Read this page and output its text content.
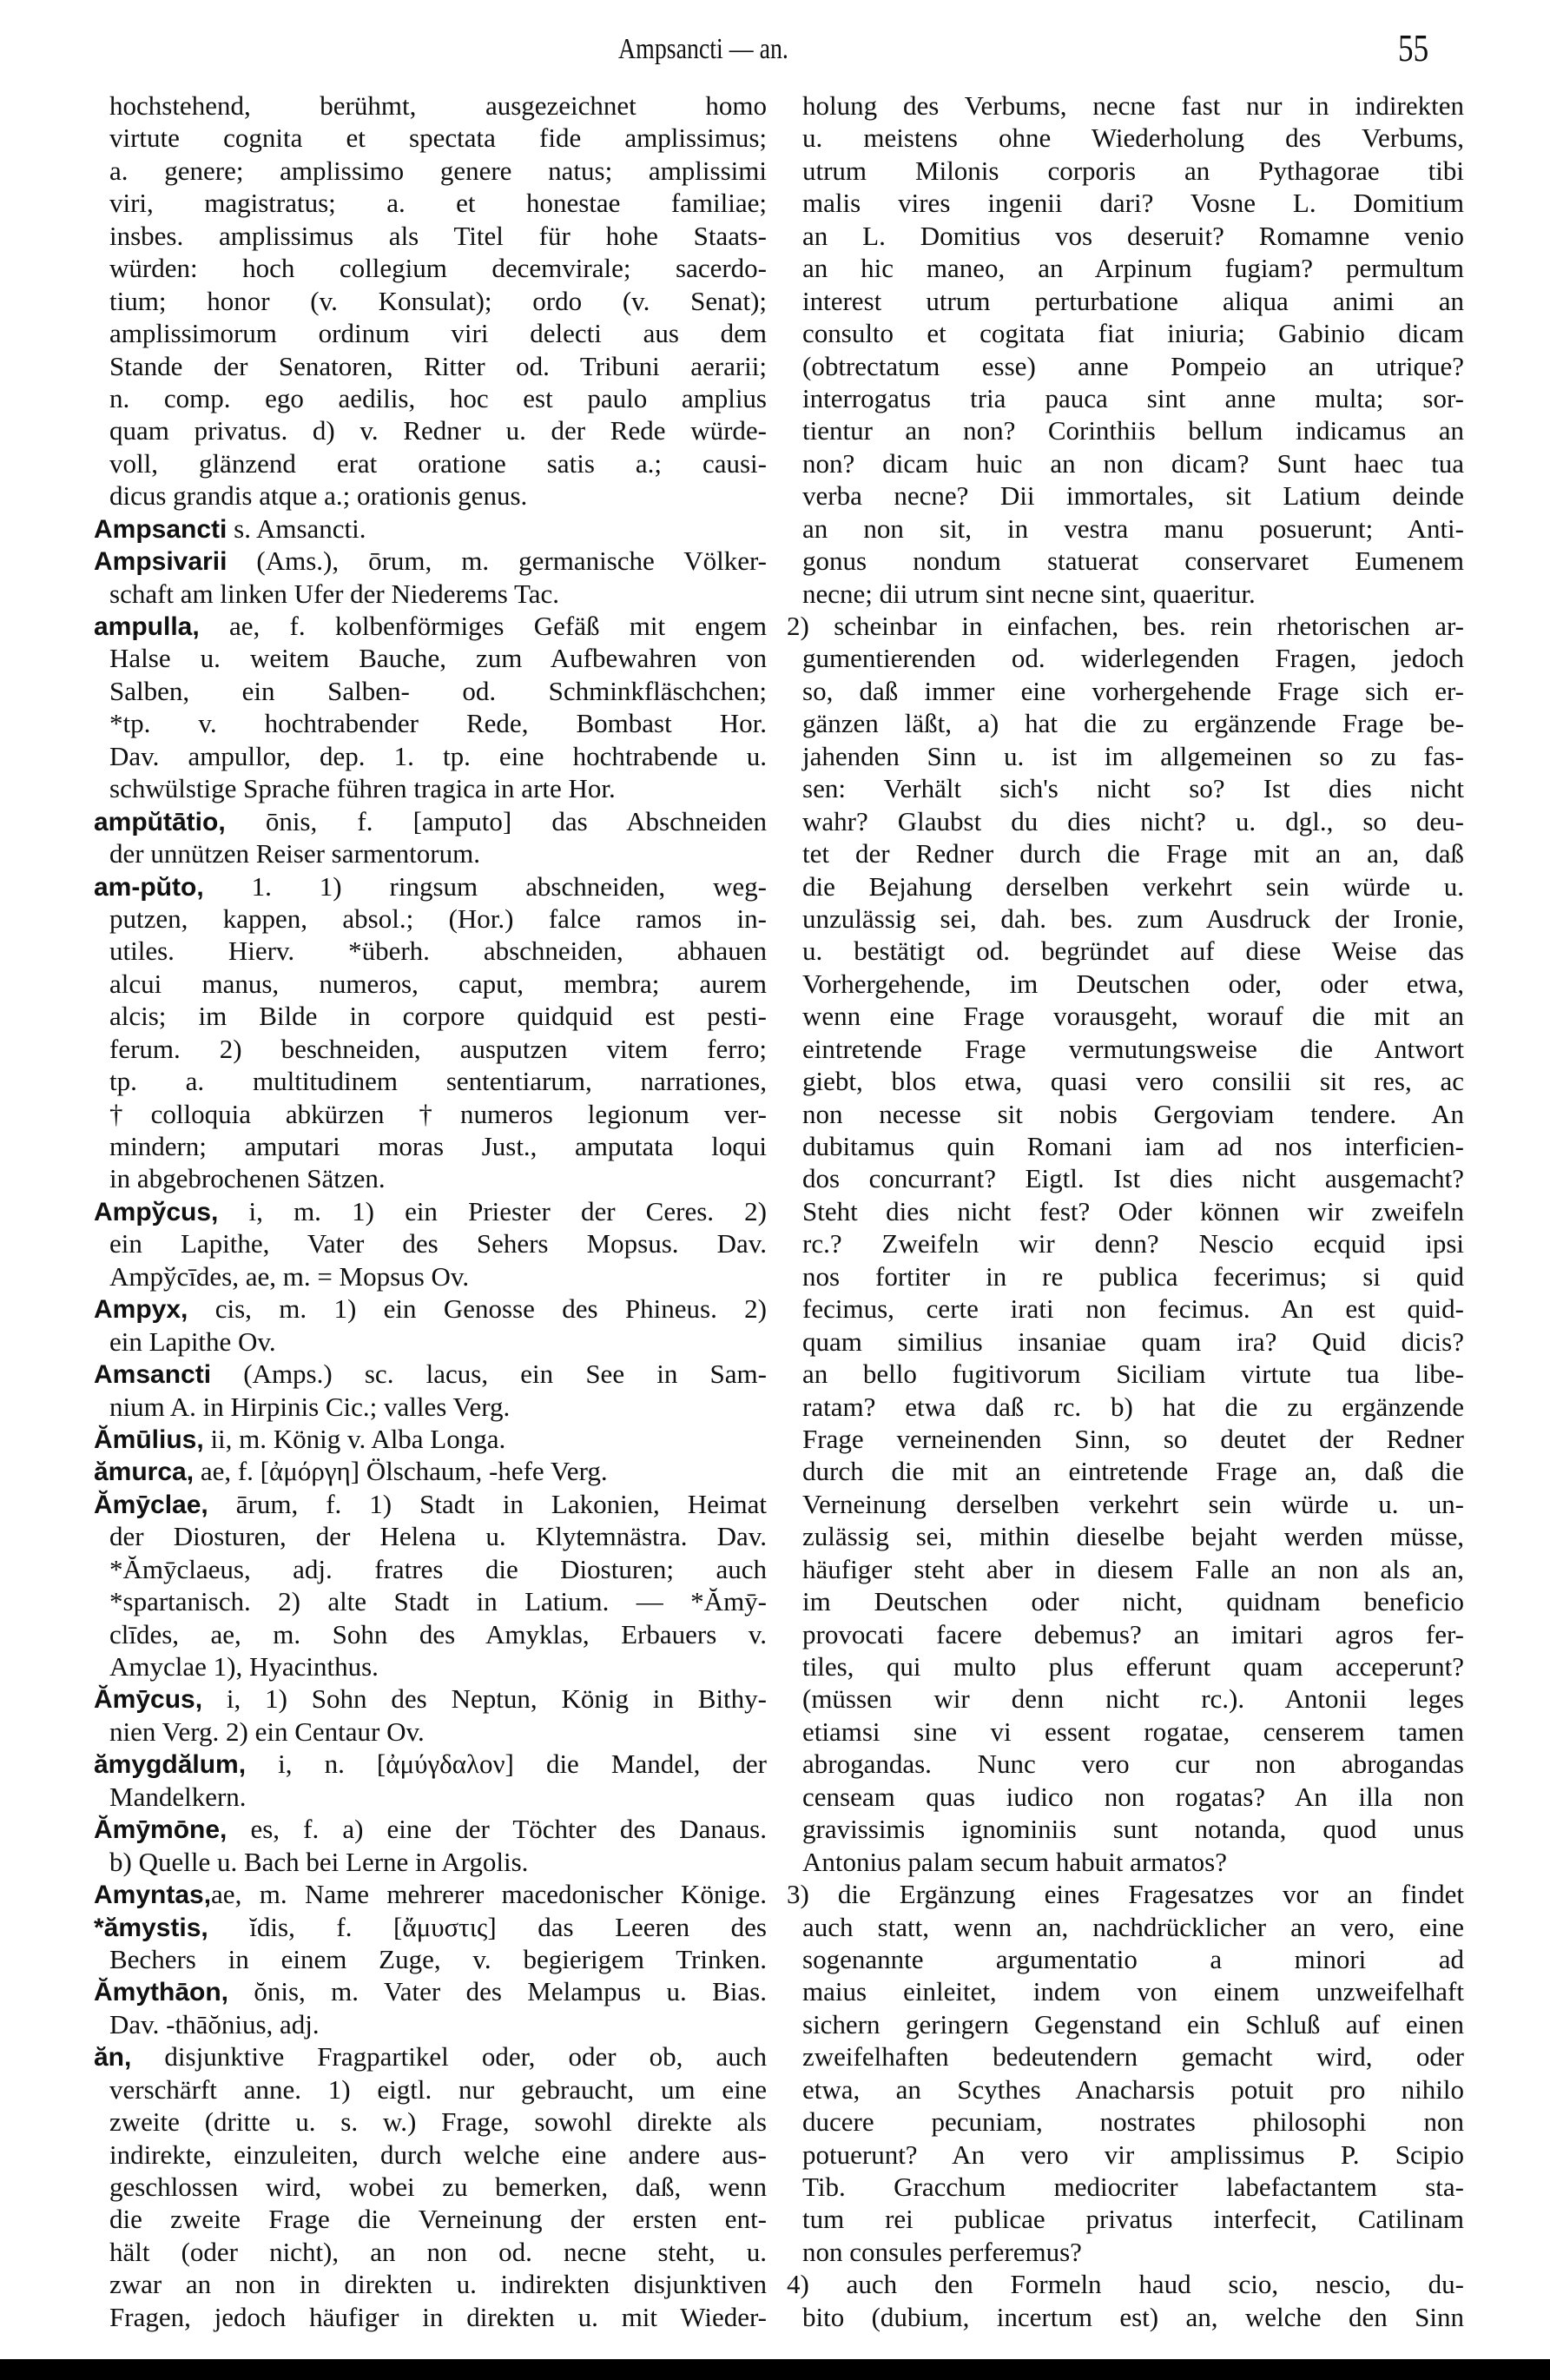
Ampsancti — an.	55
hochstehend, berühmt, ausgezeichnet homo
virtute cognita et spectata fide amplissimus;
a. genere; amplissimo genere natus; amplissimi
viri, magistratus; a. et honestae familiae;
insbes. amplissimus als Titel für hohe Staats-
würden: hoch collegium decemvirale; sacerdo-
tium; honor (v. Konsulat); ordo (v. Senat);
amplissimorum ordinum viri delecti aus dem
Stande der Senatoren, Ritter od. Tribuni aerarii;
n. comp. ego aedilis, hoc est paulo amplius
quam privatus. d) v. Redner u. der Rede würde-
voll, glänzend erat oratione satis a.; causi-
dicus grandis atque a.; orationis genus.
Ampsancti s. Amsancti.
Ampsivarii (Ams.), ōrum, m. germanische Völker-
schaft am linken Ufer der Niederems Tac.
ampulla, ae, f. kolbenförmiges Gefäß mit engem
Halse u. weitem Bauche, zum Aufbewahren von
Salben, ein Salben- od. Schminkfläschchen;
*tp. v. hochtrabender Rede, Bombast Hor.
Dav. ampullor, dep. 1. tp. eine hochtrabende u.
schwülstige Sprache führen tragica in arte Hor.
ampŭtātio, ōnis, f. [amputo] das Abschneiden
der unnützen Reiser sarmentorum.
am-pŭto, 1. 1) ringsum abschneiden, weg-
putzen, kappen, absol.; (Hor.) falce ramos in-
utiles. Hierv. *überh. abschneiden, abhauen
alcui manus, numeros, caput, membra; aurem
alcis; im Bilde in corpore quidquid est pesti-
ferum. 2) beschneiden, ausputzen vitem ferro;
tp. a. multitudinem sententiarum, narrationes,
†colloquia abkürzen †numeros legionum ver-
mindern; amputari moras Just., amputata loqui
in abgebrochenen Sätzen.
Ampўcus, i, m. 1) ein Priester der Ceres. 2)
ein Lapithe, Vater des Sehers Mopsus. Dav.
Ampўcīdes, ae, m. = Mopsus Ov.
Ampyx, cis, m. 1) ein Genosse des Phineus. 2)
ein Lapithe Ov.
Amsancti (Amps.) sc. lacus, ein See in Sam-
nium A. in Hirpinis Cic.; valles Verg.
Ămūlius, ii, m. König v. Alba Longa.
ămurca, ae, f. [ἀμόργη] Ölschaum, -hefe Verg.
Ămȳclae, ārum, f. 1) Stadt in Lakonien, Heimat
der Diosturen, der Helena u. Klytemnästra. Dav.
*Ămȳclaeus, adj. fratres die Diosturen; auch
*spartanisch. 2) alte Stadt in Latium. — *Ămȳ-
clīdes, ae, m. Sohn des Amyklas, Erbauers v.
Amyclae 1), Hyacinthus.
Ămȳcus, i, 1) Sohn des Neptun, König in Bithy-
nien Verg. 2) ein Centaur Ov.
ămygdălum, i, n. [ἀμύγδαλον] die Mandel, der
Mandelkern.
Ămȳmōne, es, f. a) eine der Töchter des Danaus.
b) Quelle u. Bach bei Lerne in Argolis.
Amyntas,ae, m. Name mehrerer macedonischer Könige.
*ămystis, ĭdis, f. [ἄμυστις] das Leeren des
Bechers in einem Zuge, v. begierigem Trinken.
Ămythāon, ŏnis, m. Vater des Melampus u. Bias.
Dav. -thāŏnius, adj.
ăn, disjunktive Fragpartikel oder, oder ob, auch
verschärft anne. 1) eigtl. nur gebraucht, um eine
zweite (dritte u. s. w.) Frage, sowohl direkte als
indirekte, einzuleiten, durch welche eine andere aus-
geschlossen wird, wobei zu bemerken, daß, wenn
die zweite Frage die Verneinung der ersten ent-
hält (oder nicht), an non od. necne steht, u.
zwar an non in direkten u. indirekten disjunktiven
Fragen, jedoch häufiger in direkten u. mit Wieder-
holung des Verbums, necne fast nur in indirekten
u. meistens ohne Wiederholung des Verbums,
utrum Milonis corporis an Pythagorae tibi
malis vires ingenii dari? Vosne L. Domitium
an L. Domitius vos deseruit? Romamne venio
an hic maneo, an Arpinum fugiam? permultum
interest utrum perturbatione aliqua animi an
consulto et cogitata fiat iniuria; Gabinio dicam
(obtrectatum esse) anne Pompeio an utrique?
interrogatus tria pauca sint anne multa; sor-
tientur an non? Corinthiis bellum indicamus an
non? dicam huic an non dicam? Sunt haec tua
verba necne? Dii immortales, sit Latium deinde
an non sit, in vestra manu posuerunt; Anti-
gonus nondum statuerat conservaret Eumenem
necne; dii utrum sint necne sint, quaeritur.
2) scheinbar in einfachen, bes. rein rhetorischen ar-
gumentierenden od. widerlegenden Fragen, jedoch
so, daß immer eine vorhergehende Frage sich er-
gänzen läßt, a) hat die zu ergänzende Frage be-
jahenden Sinn u. ist im allgemeinen so zu fas-
sen: Verhält sich's nicht so? Ist dies nicht
wahr? Glaubst du dies nicht? u. dgl., so deu-
tet der Redner durch die Frage mit an an, daß
die Bejahung derselben verkehrt sein würde u.
unzulässig sei, dah. bes. zum Ausdruck der Ironie,
u. bestätigt od. begründet auf diese Weise das
Vorhergehende, im Deutschen oder, oder etwa,
wenn eine Frage vorausgeht, worauf die mit an
eintretende Frage vermutungsweise die Antwort
giebt, blos etwa, quasi vero consilii sit res, ac
non necesse sit nobis Gergoviam tendere. An
dubitamus quin Romani iam ad nos interficien-
dos concurrant? Eigtl. Ist dies nicht ausgemacht?
Steht dies nicht fest? Oder können wir zweifeln
rc.? Zweifeln wir denn? Nescio ecquid ipsi
nos fortiter in re publica fecerimus; si quid
fecimus, certe irati non fecimus. An est quid-
quam similius insaniae quam ira? Quid dicis?
an bello fugitivorum Siciliam virtute tua libe-
ratam? etwa daß rc. b) hat die zu ergänzende
Frage verneinenden Sinn, so deutet der Redner
durch die mit an eintretende Frage an, daß die
Verneinung derselben verkehrt sein würde u. un-
zulässig sei, mithin dieselbe bejaht werden müsse,
häufiger steht aber in diesem Falle an non als an,
im Deutschen oder nicht, quidnam beneficio
provocati facere debemus? an imitari agros fer-
tiles, qui multo plus efferunt quam acceperunt?
(müssen wir denn nicht rc.). Antonii leges
etiamsi sine vi essent rogatae, censerem tamen
abrogandas. Nunc vero cur non abrogandas
censeam quas iudico non rogatas? An illa non
gravissimis ignominiis sunt notanda, quod unus
Antonius palam secum habuit armatos?
3) die Ergänzung eines Fragesatzes vor an findet
auch statt, wenn an, nachdrücklicher an vero, eine
sogenannte argumentatio a minori ad
maius einleitet, indem von einem unzweifelhaft
sichern geringern Gegenstand ein Schluß auf einen
zweifelhaften bedeutendern gemacht wird, oder
etwa, an Scythes Anacharsis potuit pro nihilo
ducere pecuniam, nostrates philosophi non
potuerunt? An vero vir amplissimus P. Scipio
Tib. Gracchum mediocriter labefactantem sta-
tum rei publicae privatus interfecit, Catilinam
non consules perferemus?
4) auch den Formeln haud scio, nescio, du-
bito (dubium, incertum est) an, welche den Sinn
